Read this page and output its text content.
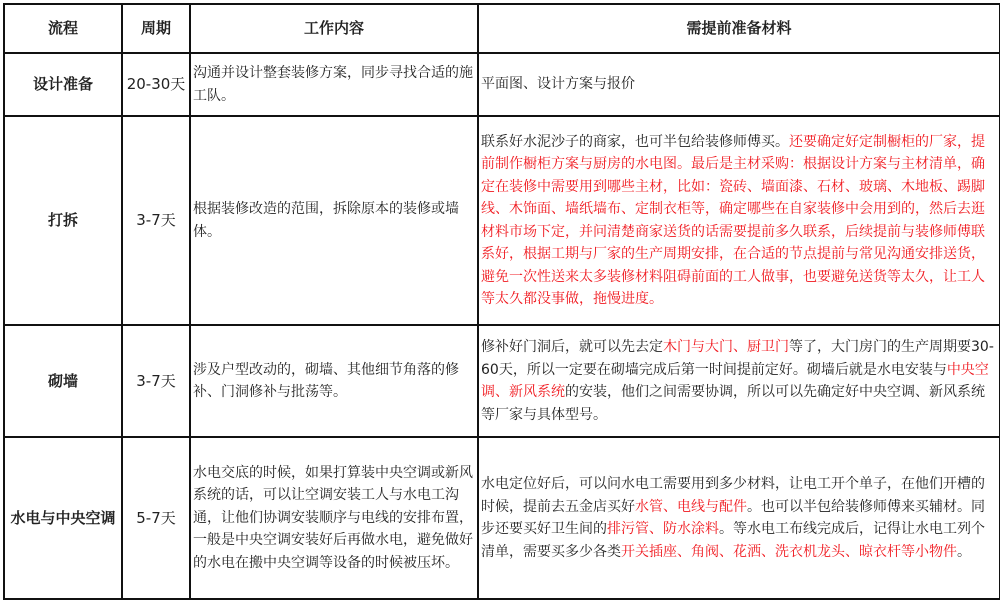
流程	周期	工作内容	需提前准备材料
设计准备	20-30天	沟通并设计整套装修方案，同步寻找合适的施工队。	平面图、设计方案与报价
打拆	3-7天	根据装修改造的范围，拆除原本的装修或墙体。	联系好水泥沙子的商家，也可半包给装修师傅买。还要确定好定制橱柜的厂家，提前制作橱柜方案与厨房的水电图。最后是主材采购：根据设计方案与主材清单，确定在装修中需要用到哪些主材，比如：瓷砖、墙面漆、石材、玻璃、木地板、踢脚线、木饰面、墙纸墙布、定制衣柜等，确定哪些在自家装修中会用到的，然后去逛材料市场下定，并问清楚商家送货的话需要提前多久联系，后续提前与装修师傅联系好，根据工期与厂家的生产周期安排，在合适的节点提前与常见沟通安排送货，避免一次性送来太多装修材料阻碍前面的工人做事，也要避免送货等太久，让工人等太久都没事做，拖慢进度。
砌墙	3-7天	涉及户型改动的，砌墙、其他细节角落的修补、门洞修补与批荡等。	修补好门洞后，就可以先去定木门与大门、厨卫门等了，大门房门的生产周期要30-60天，所以一定要在砌墙完成后第一时间提前定好。砌墙后就是水电安装与中央空调、新风系统的安装，他们之间需要协调，所以可以先确定好中央空调、新风系统等厂家与具体型号。
水电与中央空调	5-7天	水电交底的时候，如果打算装中央空调或新风系统的话，可以让空调安装工人与水电工沟通，让他们协调安装顺序与电线的安排布置，一般是中央空调安装好后再做水电，避免做好的水电在搬中央空调等设备的时候被压坏。	水电定位好后，可以问水电工需要用到多少材料，让电工开个单子，在他们开槽的时候，提前去五金店买好水管、电线与配件。也可以半包给装修师傅来买辅材。同步还要买好卫生间的排污管、防水涂料。等水电工布线完成后，记得让水电工列个清单，需要买多少各类开关插座、角阀、花洒、洗衣机龙头、晾衣杆等小物件。
